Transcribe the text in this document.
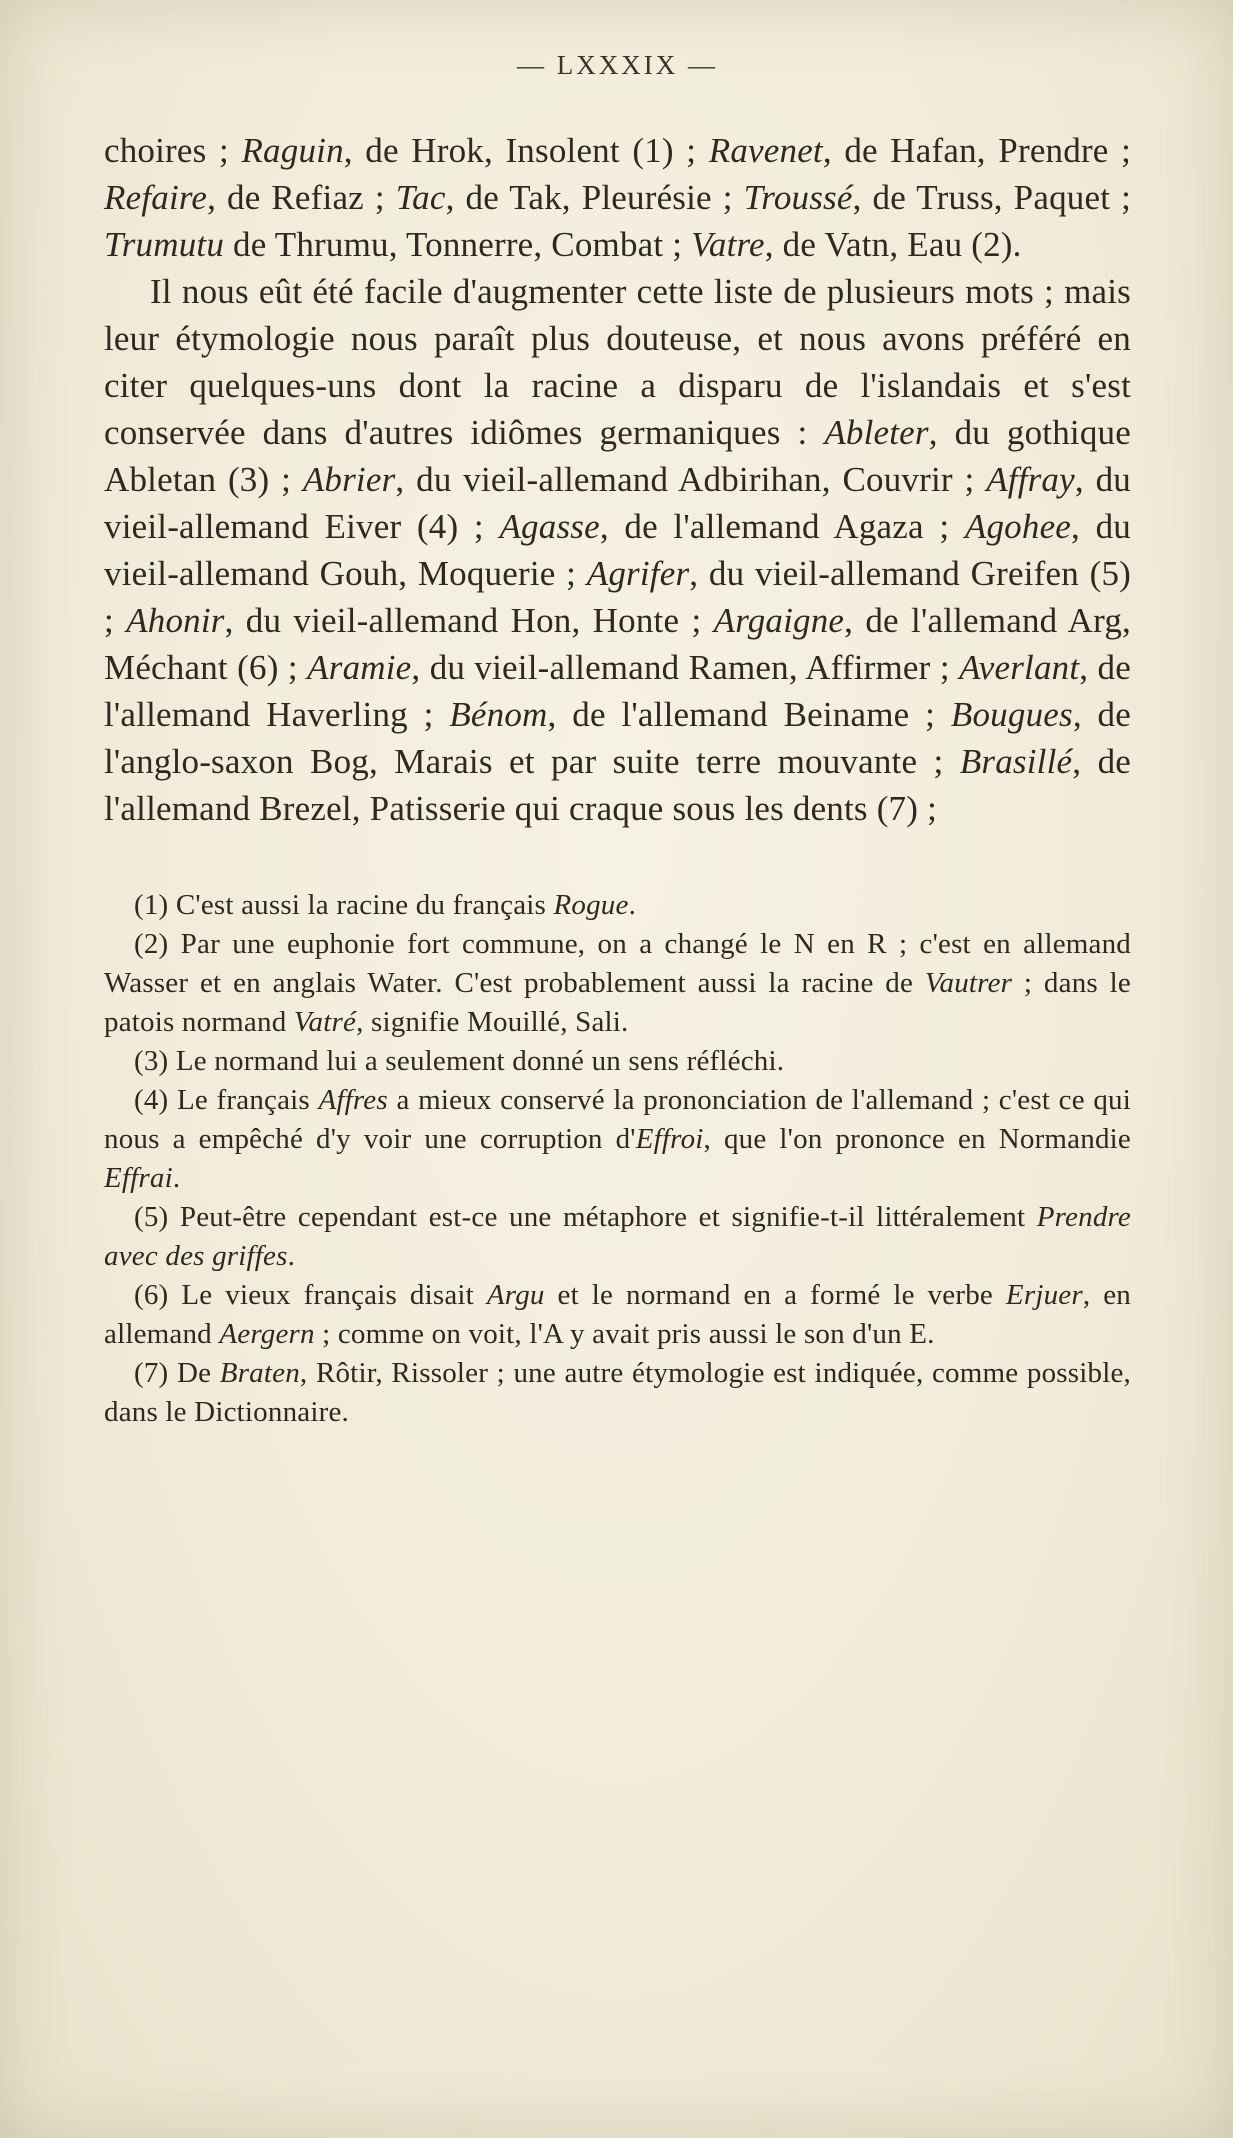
— LXXXIX —

choires ; Raguin, de Hrok, Insolent (1) ; Ravenet, de Hafan, Prendre ; Refaire, de Refiaz ; Tac, de Tak, Pleurésie ; Troussé, de Truss, Paquet ; Trumutu de Thrumu, Tonnerre, Combat ; Vatre, de Vatn, Eau (2).

Il nous eût été facile d'augmenter cette liste de plusieurs mots ; mais leur étymologie nous paraît plus douteuse, et nous avons préféré en citer quelques-uns dont la racine a disparu de l'islandais et s'est conservée dans d'autres idiômes germaniques : Ableter, du gothique Abletan (3) ; Abrier, du vieil-allemand Adbirihan, Couvrir ; Affray, du vieil-allemand Eiver (4) ; Agasse, de l'allemand Agaza ; Agohee, du vieil-allemand Gouh, Moquerie ; Agrifer, du vieil-allemand Greifen (5) ; Ahonir, du vieil-allemand Hon, Honte ; Argaigne, de l'allemand Arg, Méchant (6) ; Aramie, du vieil-allemand Ramen, Affirmer ; Averlant, de l'allemand Haverling ; Bénom, de l'allemand Beiname ; Bougues, de l'anglo-saxon Bog, Marais et par suite terre mouvante ; Brasillé, de l'allemand Brezel, Patisserie qui craque sous les dents (7) ;

(1) C'est aussi la racine du français Rogue.

(2) Par une euphonie fort commune, on a changé le N en R ; c'est en allemand Wasser et en anglais Water. C'est probablement aussi la racine de Vautrer ; dans le patois normand Vatré, signifie Mouillé, Sali.

(3) Le normand lui a seulement donné un sens réfléchi.

(4) Le français Affres a mieux conservé la prononciation de l'allemand ; c'est ce qui nous a empêché d'y voir une corruption d'Effroi, que l'on prononce en Normandie Effrai.

(5) Peut-être cependant est-ce une métaphore et signifie-t-il littéralement Prendre avec des griffes.

(6) Le vieux français disait Argu et le normand en a formé le verbe Erjuer, en allemand Aergern ; comme on voit, l'A y avait pris aussi le son d'un E.

(7) De Braten, Rôtir, Rissoler ; une autre étymologie est indiquée, comme possible, dans le Dictionnaire.
